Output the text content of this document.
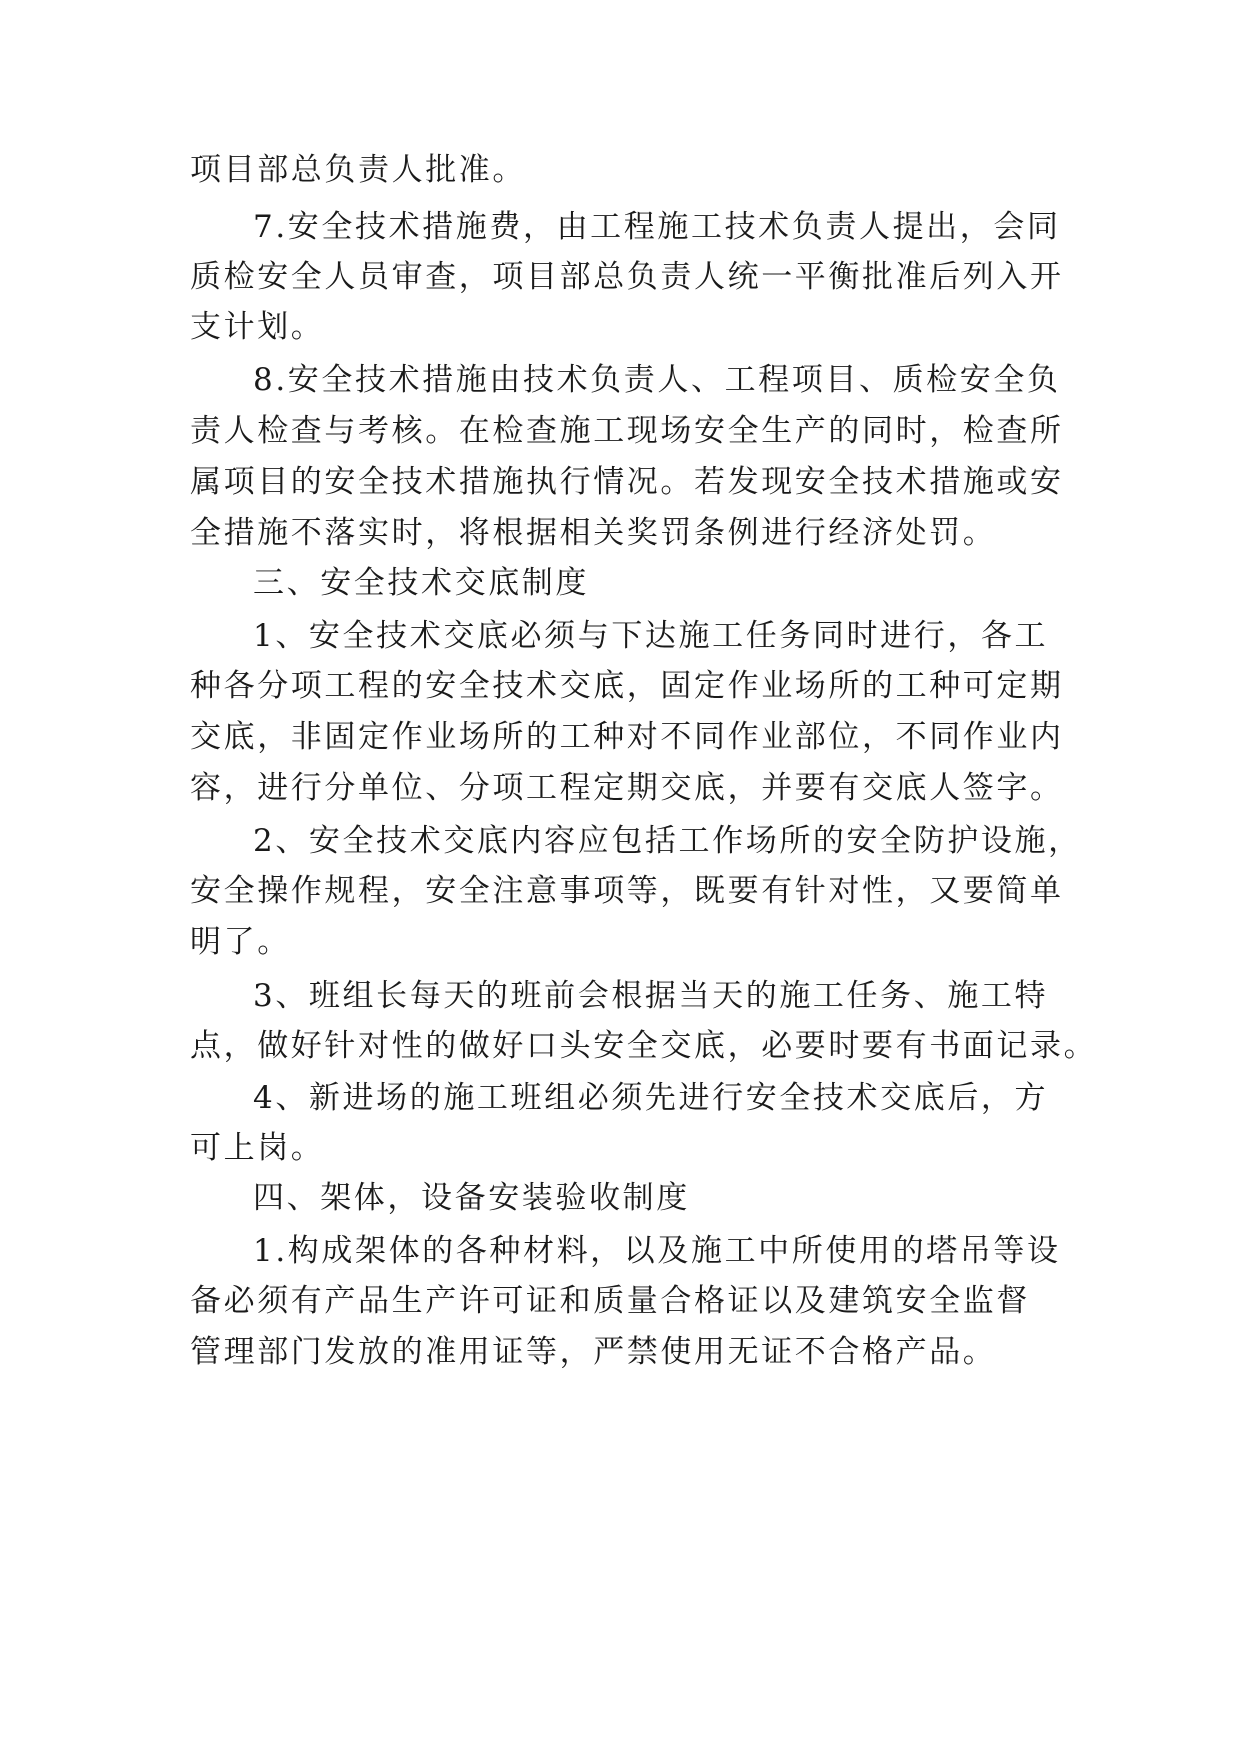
项目部总负责人批准。
7.安全技术措施费，由工程施工技术负责人提出，会同
质检安全人员审查，项目部总负责人统一平衡批准后列入开
支计划。
8.安全技术措施由技术负责人、工程项目、质检安全负
责人检查与考核。在检查施工现场安全生产的同时，检查所
属项目的安全技术措施执行情况。若发现安全技术措施或安
全措施不落实时，将根据相关奖罚条例进行经济处罚。
三、安全技术交底制度
1、安全技术交底必须与下达施工任务同时进行，各工
种各分项工程的安全技术交底，固定作业场所的工种可定期
交底，非固定作业场所的工种对不同作业部位，不同作业内
容，进行分单位、分项工程定期交底，并要有交底人签字。
2、安全技术交底内容应包括工作场所的安全防护设施，
安全操作规程，安全注意事项等，既要有针对性，又要简单
明了。
3、班组长每天的班前会根据当天的施工任务、施工特
点，做好针对性的做好口头安全交底，必要时要有书面记录。
4、新进场的施工班组必须先进行安全技术交底后，方
可上岗。
四、架体，设备安装验收制度
1.构成架体的各种材料，以及施工中所使用的塔吊等设
备必须有产品生产许可证和质量合格证以及建筑安全监督
管理部门发放的准用证等，严禁使用无证不合格产品。
